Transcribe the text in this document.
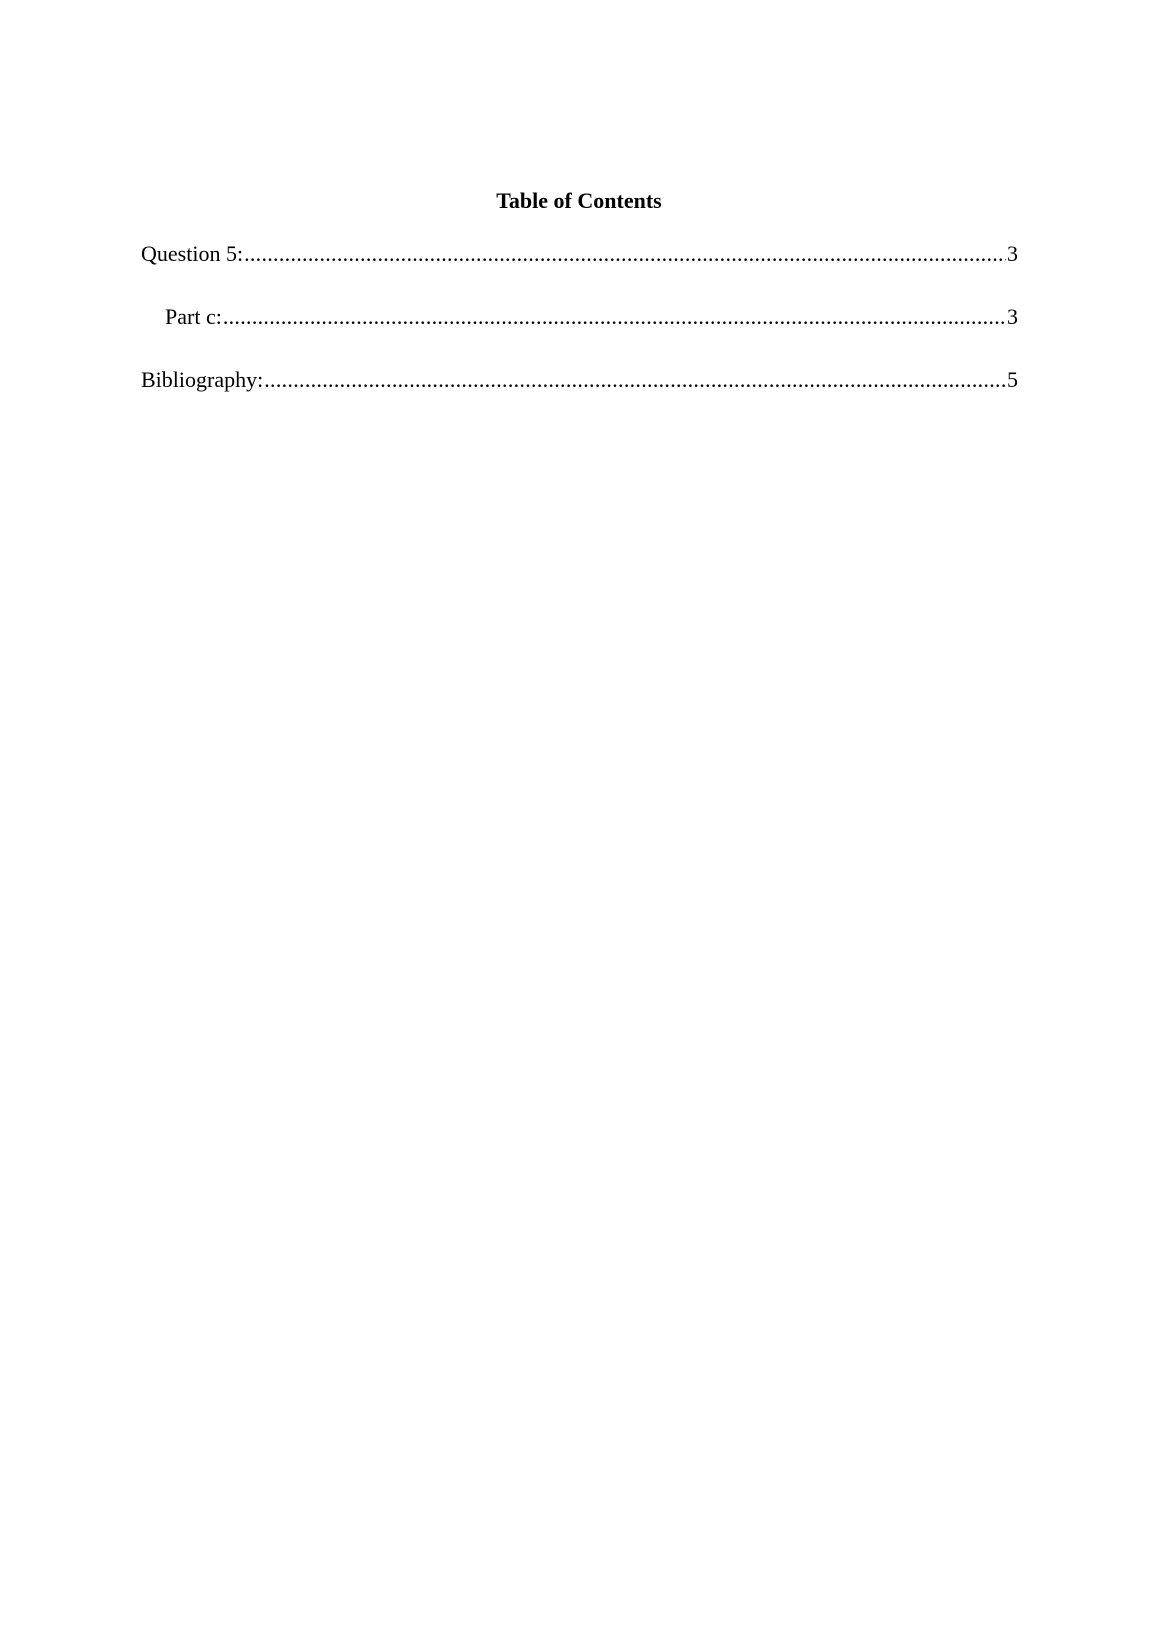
Table of Contents
Question 5: .....	3
Part c: .....	3
Bibliography: .....	5
